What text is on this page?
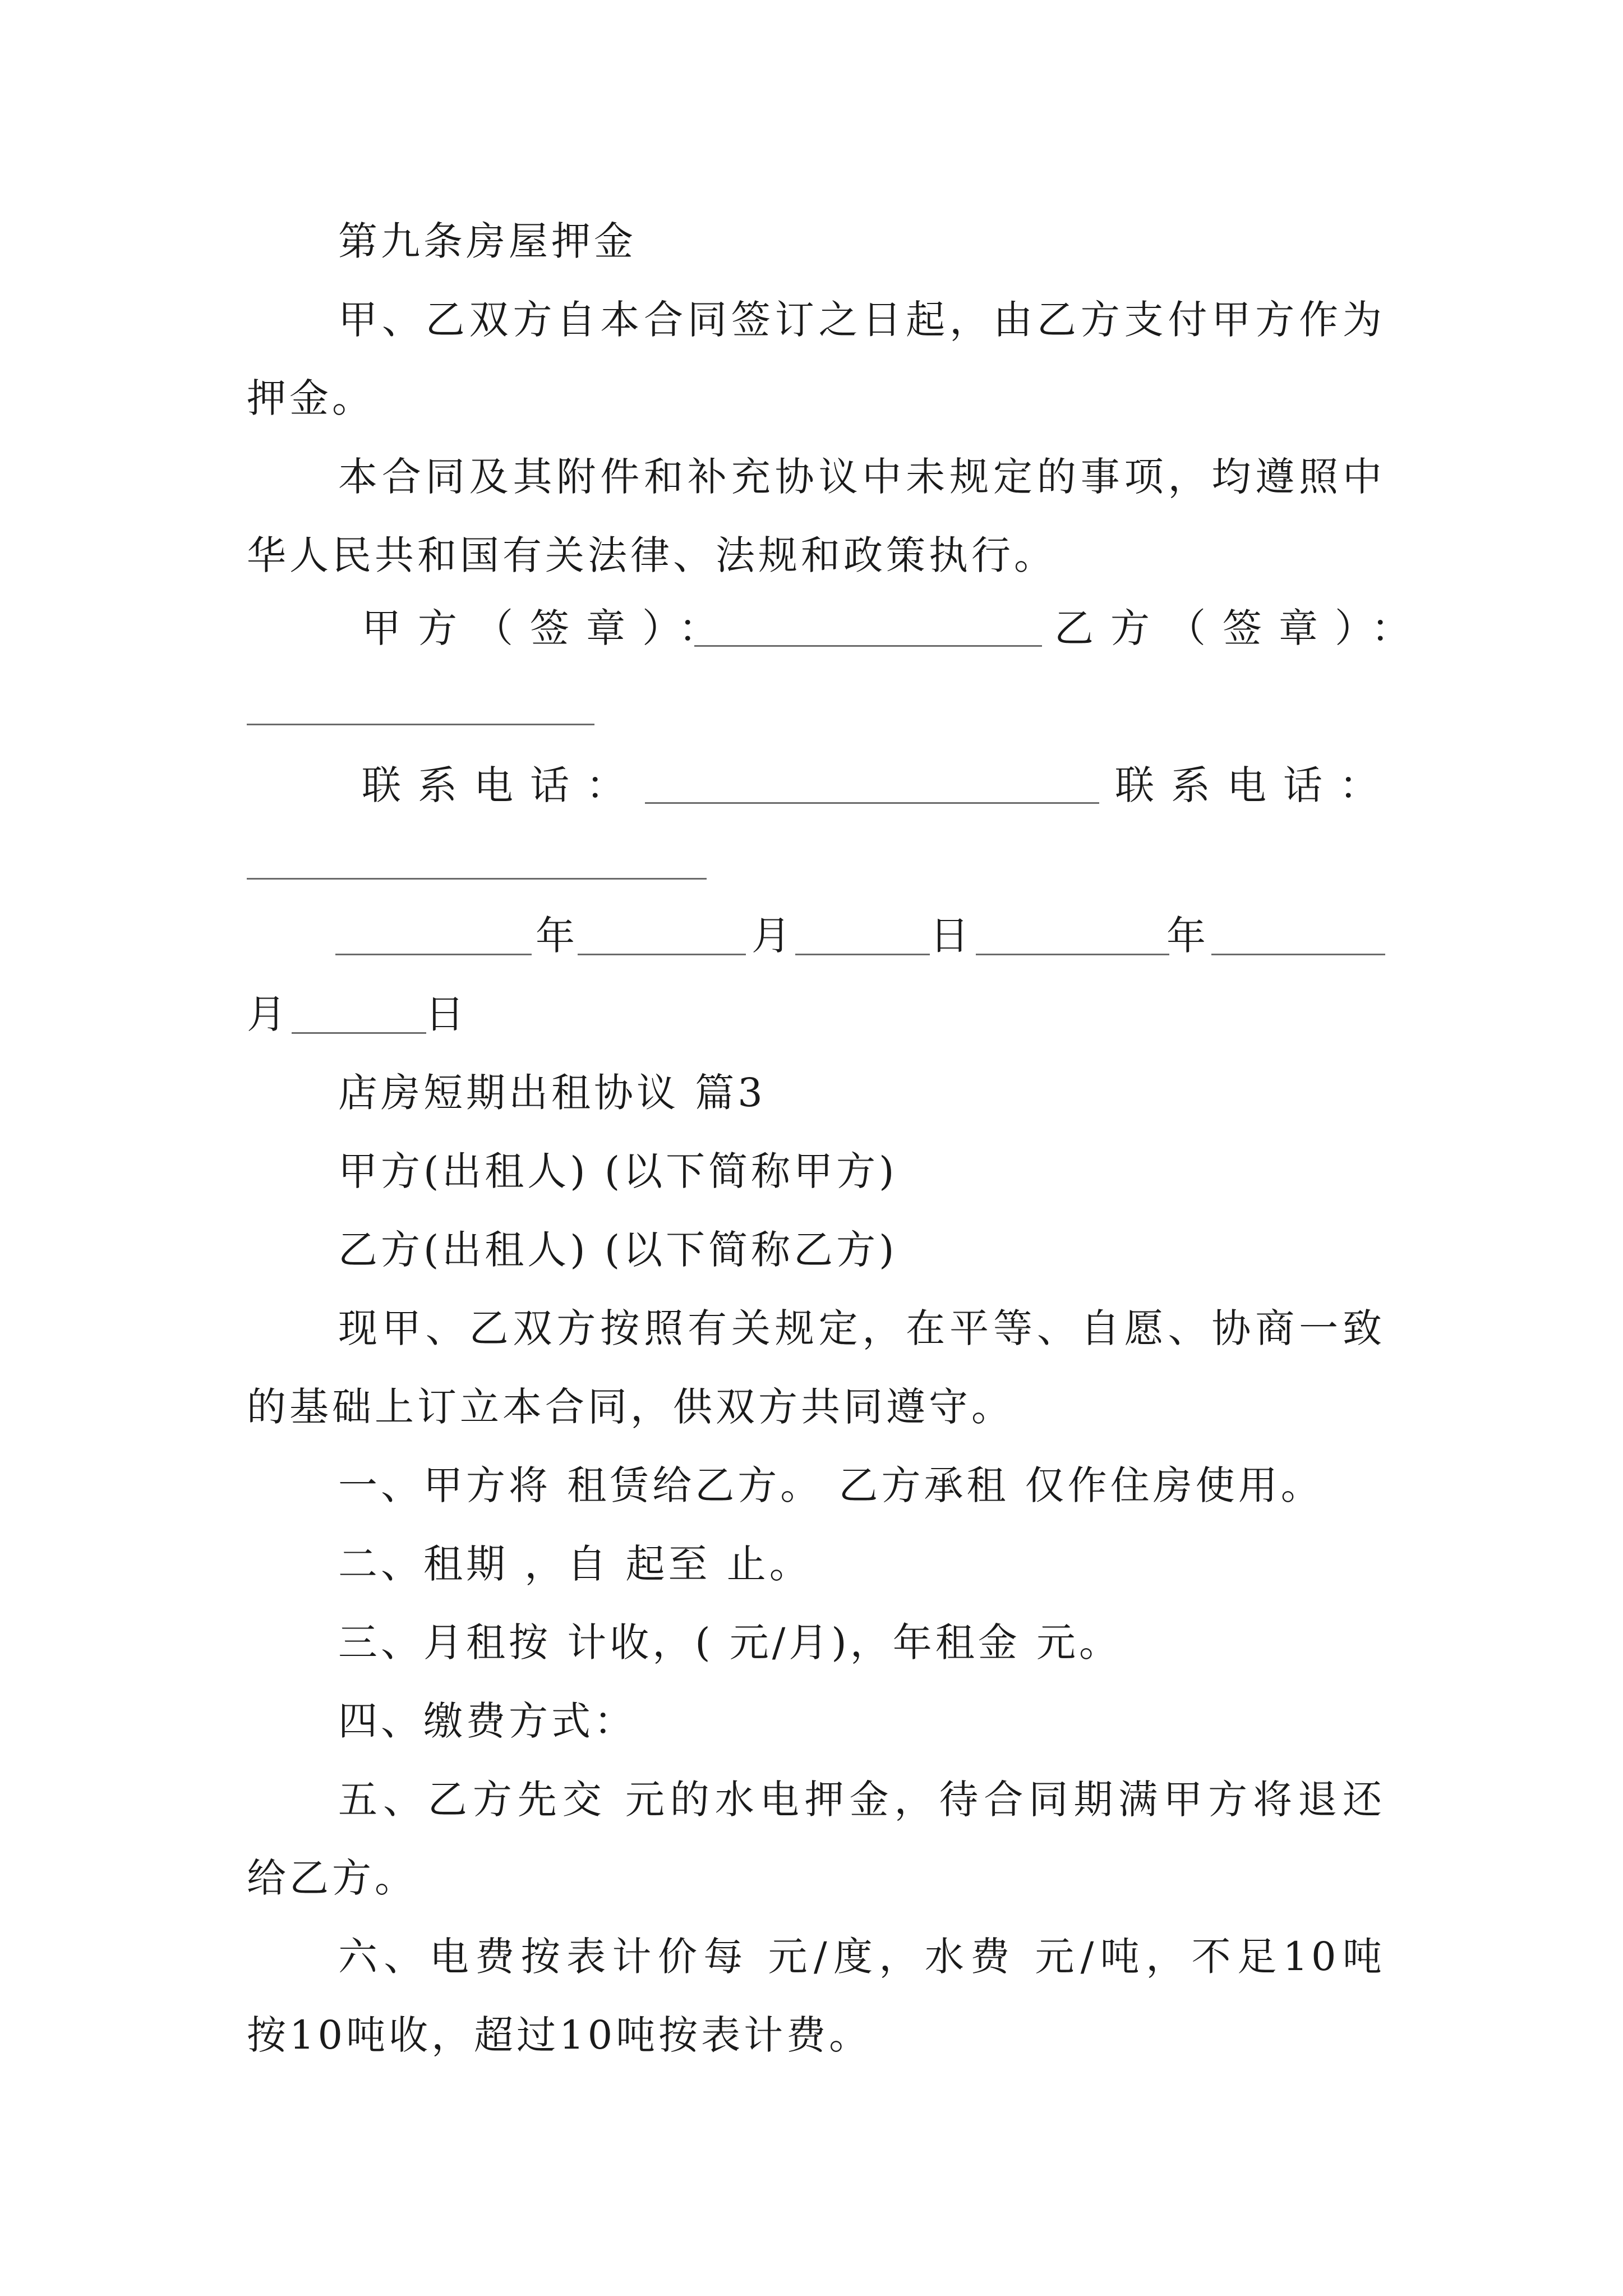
第九条房屋押金
甲、乙双方自本合同签订之日起，由乙方支付甲方作为
押金。
本合同及其附件和补充协议中未规定的事项，均遵照中
华人民共和国有关法律、法规和政策执行。
甲方（签章）：	乙方（签章）：
联系电话：	联系电话：
年	月	日	年
月	日
店房短期出租协议 篇3
甲方(出租人) (以下简称甲方)
乙方(出租人) (以下简称乙方)
现甲、乙双方按照有关规定，在平等、自愿、协商一致
的基础上订立本合同，供双方共同遵守。
一、甲方将 租赁给乙方。 乙方承租 仅作住房使用。
二、租期 ，自 起至 止。
三、月租按 计收，( 元/月)，年租金 元。
四、缴费方式：
五、乙方先交 元的水电押金，待合同期满甲方将退还
给乙方。
六、电费按表计价每 元/度，水费 元/吨，不足10吨
按10吨收，超过10吨按表计费。
